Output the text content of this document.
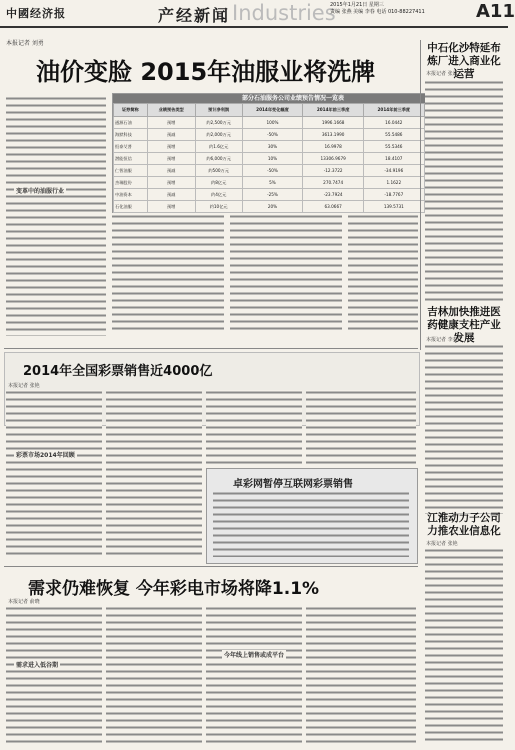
中國经济报	产经新闻 Industries
2015年1月21日 星期三
责编 张燕 美编 李春 电话 010-88227411	A11
本报记者 刘勇
油价变脸 2015年油服业将洗牌
变革中的油服行业
部分石油服务公司业绩预告情况一览表
证券简称	业绩预告类型	预计净利润	2014年变化幅度	2014年前三季度	2014年前三季度	
通源石油	预增	约2,500万元	100%	1996.1668	16.0442	
海默科技	预减	约2,000万元	-50%	3613.1990	55.5486	
恒泰艾普	预增	约1.6亿元	30%	16.9978	55.5346	
潜能恒信	预增	约6,000万元	10%	13306.9679	18.4107	
仁智油服	预减	约500万元	-50%	-12.3722	-34.9196	
杰瑞股份	预增	约8亿元	5%	270.7474	1.1622	
中油资本	预减	约4亿元	-25%	-23.7924	-18.7767	
石化油服	预增	约10亿元	20%	63.0667	139.5731	
中石化沙特延布炼厂进入商业化运营
本报记者 张霖
吉林加快推进医药健康支柱产业发展
本报记者 李春
江淮动力子公司力推农业信息化
本报记者 张艳
2014年全国彩票销售近4000亿
本报记者 张艳
彩票市场2014年回顾
卓彩网暂停互联网彩票销售
需求仍难恢复 今年彩电市场将降1.1%
本报记者 俞晓
需求进入低谷期
今年线上销售或成平台
